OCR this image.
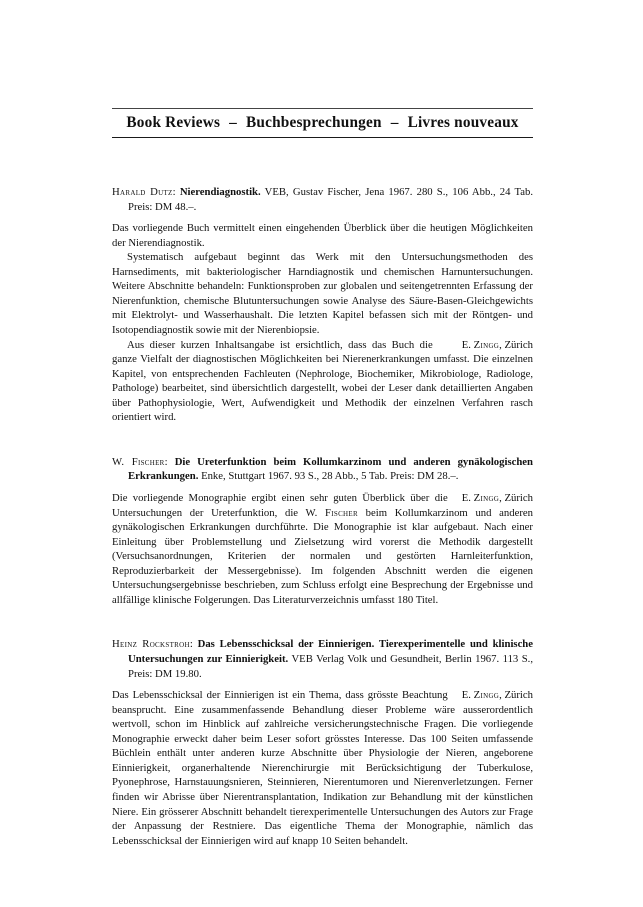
Book Reviews – Buchbesprechungen – Livres nouveaux
Harald Dutz: Nierendiagnostik. VEB, Gustav Fischer, Jena 1967. 280 S., 106 Abb., 24 Tab. Preis: DM 48.–.

Das vorliegende Buch vermittelt einen eingehenden Überblick über die heutigen Möglichkeiten der Nierendiagnostik.

Systematisch aufgebaut beginnt das Werk mit den Untersuchungsmethoden des Harnsediments, mit bakteriologischer Harndiagnostik und chemischen Harnuntersuchungen. Weitere Abschnitte behandeln: Funktionsproben zur globalen und seitengetrennten Erfassung der Nierenfunktion, chemische Blutuntersuchungen sowie Analyse des Säure-Basen-Gleichgewichts mit Elektrolyt- und Wasserhaushalt. Die letzten Kapitel befassen sich mit der Röntgen- und Isotopendiagnostik sowie mit der Nierenbiopsie.

E. Zingg, Zürich
Aus dieser kurzen Inhaltsangabe ist ersichtlich, dass das Buch die ganze Vielfalt der diagnostischen Möglichkeiten bei Nierenerkrankungen umfasst. Die einzelnen Kapitel, von entsprechenden Fachleuten (Nephrologe, Biochemiker, Mikrobiologe, Radiologe, Pathologe) bearbeitet, sind übersichtlich dargestellt, wobei der Leser dank detaillierten Angaben über Pathophysiologie, Wert, Aufwendigkeit und Methodik der einzelnen Verfahren rasch orientiert wird.

W. Fischer: Die Ureterfunktion beim Kollumkarzinom und anderen gynäkologischen Erkrankungen. Enke, Stuttgart 1967. 93 S., 28 Abb., 5 Tab. Preis: DM 28.–.

E. Zingg, Zürich
Die vorliegende Monographie ergibt einen sehr guten Überblick über die Untersuchungen der Ureterfunktion, die W. Fischer beim Kollumkarzinom und anderen gynäkologischen Erkrankungen durchführte. Die Monographie ist klar aufgebaut. Nach einer Einleitung über Problemstellung und Zielsetzung wird vorerst die Methodik dargestellt (Versuchsanordnungen, Kriterien der normalen und gestörten Harnleiterfunktion, Reproduzierbarkeit der Messergebnisse). Im folgenden Abschnitt werden die eigenen Untersuchungsergebnisse beschrieben, zum Schluss erfolgt eine Besprechung der Ergebnisse und allfällige klinische Folgerungen. Das Literaturverzeichnis umfasst 180 Titel.

Heinz Rockstroh: Das Lebensschicksal der Einnierigen. Tierexperimentelle und klinische Untersuchungen zur Einnierigkeit. VEB Verlag Volk und Gesundheit, Berlin 1967. 113 S., Preis: DM 19.80.

E. Zingg, Zürich
Das Lebensschicksal der Einnierigen ist ein Thema, dass grösste Beachtung beansprucht. Eine zusammenfassende Behandlung dieser Probleme wäre ausserordentlich wertvoll, schon im Hinblick auf zahlreiche versicherungstechnische Fragen. Die vorliegende Monographie erweckt daher beim Leser sofort grösstes Interesse. Das 100 Seiten umfassende Büchlein enthält unter anderen kurze Abschnitte über Physiologie der Nieren, angeborene Einnierigkeit, organerhaltende Nierenchirurgie mit Berücksichtigung der Tuberkulose, Pyonephrose, Harnstauungsnieren, Steinnieren, Nierentumoren und Nierenverletzungen. Ferner finden wir Abrisse über Nierentransplantation, Indikation zur Behandlung mit der künstlichen Niere. Ein grösserer Abschnitt behandelt tierexperimentelle Untersuchungen des Autors zur Frage der Anpassung der Restniere. Das eigentliche Thema der Monographie, nämlich das Lebensschicksal der Einnierigen wird auf knapp 10 Seiten behandelt.
